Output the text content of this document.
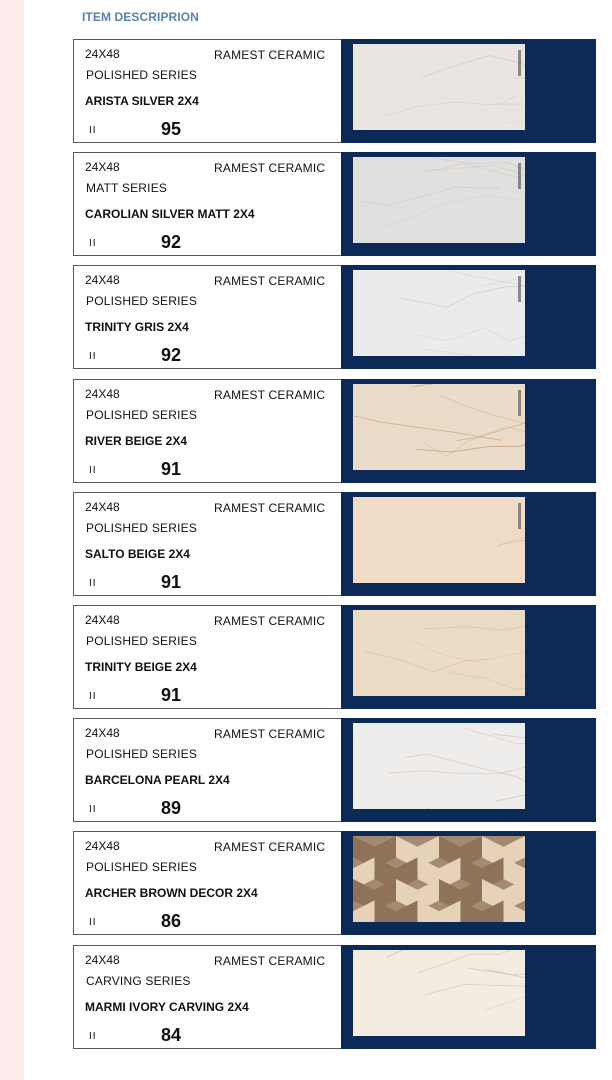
ITEM DESCRIPRION
24X48	RAMEST CERAMIC
POLISHED SERIES
ARISTA SILVER 2X4
II	95
24X48	RAMEST CERAMIC
MATT SERIES
CAROLIAN SILVER MATT 2X4
II	92
24X48	RAMEST CERAMIC
POLISHED SERIES
TRINITY GRIS 2X4
II	92
24X48	RAMEST CERAMIC
POLISHED SERIES
RIVER BEIGE 2X4
II	91
24X48	RAMEST CERAMIC
POLISHED SERIES
SALTO BEIGE 2X4
II	91
24X48	RAMEST CERAMIC
POLISHED SERIES
TRINITY BEIGE 2X4
II	91
24X48	RAMEST CERAMIC
POLISHED SERIES
BARCELONA PEARL 2X4
II	89
24X48	RAMEST CERAMIC
POLISHED SERIES
ARCHER BROWN DECOR 2X4
II	86
24X48	RAMEST CERAMIC
CARVING SERIES
MARMI IVORY CARVING 2X4
II	84
